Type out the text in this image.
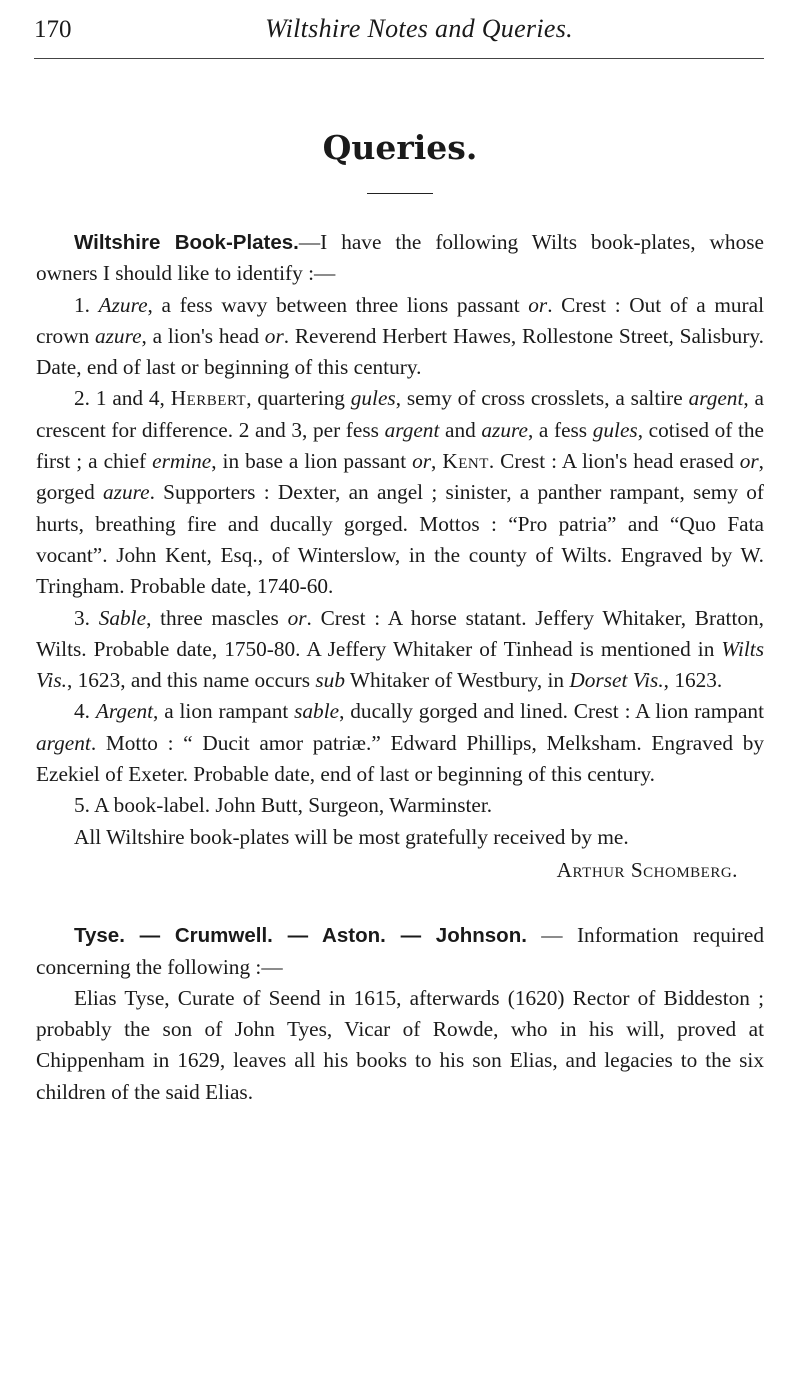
170	Wiltshire Notes and Queries.
Queries.

Wiltshire Book-Plates.—I have the following Wilts book-plates, whose owners I should like to identify :—

1. Azure, a fess wavy between three lions passant or. Crest : Out of a mural crown azure, a lion's head or. Reverend Herbert Hawes, Rollestone Street, Salisbury. Date, end of last or beginning of this century.

2. 1 and 4, Herbert, quartering gules, semy of cross crosslets, a saltire argent, a crescent for difference. 2 and 3, per fess argent and azure, a fess gules, cotised of the first ; a chief ermine, in base a lion passant or, Kent. Crest : A lion's head erased or, gorged azure. Supporters : Dexter, an angel ; sinister, a panther rampant, semy of hurts, breathing fire and ducally gorged. Mottos : “Pro patria” and “Quo Fata vocant”. John Kent, Esq., of Winterslow, in the county of Wilts. Engraved by W. Tringham. Probable date, 1740-60.

3. Sable, three mascles or. Crest : A horse statant. Jeffery Whitaker, Bratton, Wilts. Probable date, 1750-80. A Jeffery Whitaker of Tinhead is mentioned in Wilts Vis., 1623, and this name occurs sub Whitaker of Westbury, in Dorset Vis., 1623.

4. Argent, a lion rampant sable, ducally gorged and lined. Crest : A lion rampant argent. Motto : “ Ducit amor patriæ.” Edward Phillips, Melksham. Engraved by Ezekiel of Exeter. Probable date, end of last or beginning of this century.

5. A book-label. John Butt, Surgeon, Warminster.

All Wiltshire book-plates will be most gratefully received by me.

Arthur Schomberg.

Tyse. — Crumwell. — Aston. — Johnson. — Information required concerning the following :—

Elias Tyse, Curate of Seend in 1615, afterwards (1620) Rector of Biddeston ; probably the son of John Tyes, Vicar of Rowde, who in his will, proved at Chippenham in 1629, leaves all his books to his son Elias, and legacies to the six children of the said Elias.
